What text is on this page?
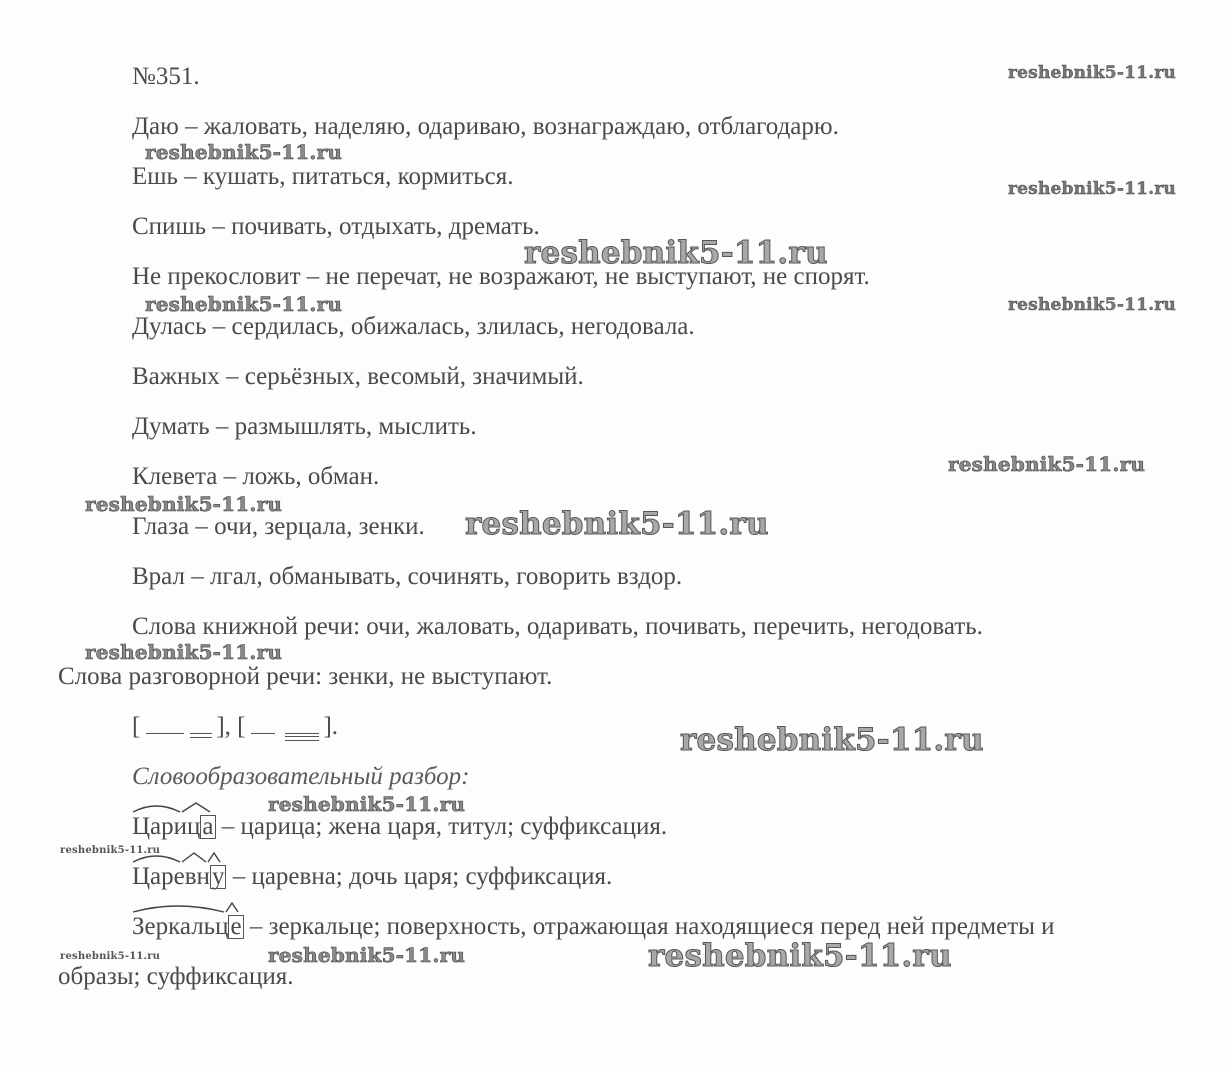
№351.
Даю – жаловать, наделяю, одариваю, вознаграждаю, отблагодарю.
Ешь – кушать, питаться, кормиться.
Спишь – почивать, отдыхать, дремать.
Не прекословит – не перечат, не возражают, не выступают, не спорят.
Дулась – сердилась, обижалась, злилась, негодовала.
Важных – серьёзных, весомый, значимый.
Думать – размышлять, мыслить.
Клевета – ложь, обман.
Глаза – очи, зерцала, зенки.
Врал – лгал, обманывать, сочинять, говорить вздор.
Слова книжной речи: очи, жаловать, одаривать, почивать, перечить, негодовать.
Слова разговорной речи: зенки, не выступают.
[	], [	].
Словообразовательный разбор:
Царица – царица; жена царя, титул; суффиксация.
Царевну – царевна; дочь царя; суффиксация.
Зеркальце – зеркальце; поверхность, отражающая находящиеся перед ней предметы и
образы; суффиксация.
reshebnik5-11.ru
reshebnik5-11.ru
reshebnik5-11.ru
reshebnik5-11.ru
reshebnik5-11.ru	reshebnik5-11.ru
reshebnik5-11.ru
reshebnik5-11.ru
reshebnik5-11.ru
reshebnik5-11.ru
reshebnik5-11.ru
reshebnik5-11.ru
reshebnik5-11.ru
reshebnik5-11.ru
reshebnik5-11.ru	reshebnik5-11.ru
